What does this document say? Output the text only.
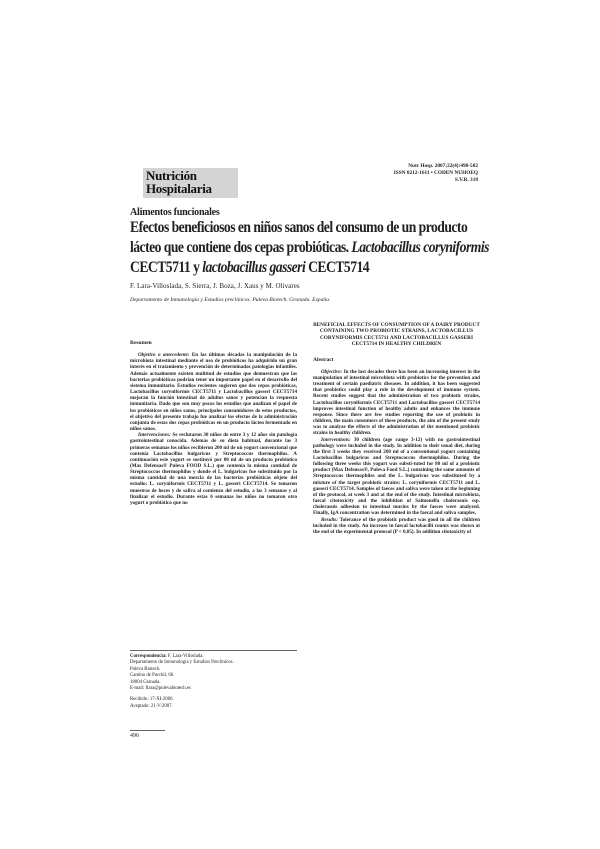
Nutrición
Hospitalaria
Nutr Hosp. 2007;22(4):498-502
ISSN 0212-1611 • CODEN NUHOEQ
S.V.R. 318
Alimentos funcionales
Efectos beneficiosos en niños sanos del consumo de un producto lácteo que contiene dos cepas probióticas. Lactobacillus coryniformis CECT5711 y lactobacillus gasseri CECT5714
F. Lara-Villoslada, S. Sierra, J. Boza, J. Xaus y M. Olivares
Departamento de Inmunología y Estudios preclínicos. Puleva Biotech. Granada. España.
Resumen

Objetivo o antecedente: En las últimas décadas la manipulación de la microbiota intestinal mediante el uso de probióticos ha adquirido un gran interés en el tratamiento y prevención de determinadas patologías infantiles. Además actualmente existen multitud de estudios que demuestran que las bacterias probióticas podrían tener un importante papel en el desarrollo del sistema inmunitario. Estudios recientes sugieren que dos cepas probióticas, Lactobacillus coryniformis CECT5711 y Lactobacillus gasseri CECT5714 mejoran la función intestinal de adultos sanos y potencian la respuesta inmunitaria. Dado que son muy pocos los estudios que analizan el papel de los probióticos en niños sanos, principales consumidores de estos productos, el objetivo del presente trabajo fue analizar los efectos de la administración conjunta de estas dos cepas probióticas en un producto lácteo fermentado en niños sanos.

Intervenciones: Se reclutaron 30 niños de entre 3 y 12 años sin patología gastrointestinal conocida. Además de su dieta habitual, durante las 3 primeras semanas los niños recibieron 200 ml de un yogurt convencional que contenía Lactobacillus bulgaricus y Streptococcus thermophilus. A continuación este yogurt se sustituyó por 80 ml de un producto probiótico (Max Defensas® Puleva FOOD S.L.) que contenía la misma cantidad de Streptococcus thermophilus y donde el L. bulgaricus fue substituido por la misma cantidad de una mezcla de las bacterias probióticas objeto del estudio: L. coryniformis CECT5711 y L. gasseri CECT5714. Se tomaron muestras de heces y de saliva al comienzo del estudio, a las 3 semanas y al finalizar el estudio. Durante estas 6 semanas los niños no tomaron otro yogurt o probiótico que no

BENEFICIAL EFFECTS OF CONSUMPTION OF A DAIRY PRODUCT CONTAINING TWO PROBIOTIC STRAINS, LACTOBACILLUS CORYNIFORMIS CECT5711 AND LACTOBACILLUS GASSERI CECT5714 IN HEALTHY CHILDREN
Abstract

Objective: In the last decades there has been an increasing interest in the manipulation of intestinal microbiota with probiotics for the prevention and treatment of certain paediatric diseases. In addition, it has been suggested that probiotics could play a role in the development of immune system. Recent studies suggest that the administration of two probiotic strains, Lactobacillus coryniformis CECT5711 and Lactobacillus gasseri CECT5714 improves intestinal function of healthy adults and enhances the immune response. Since there are few studies reporting the use of probiotic in children, the main consumers of these products, the aim of the present study was to analyze the effects of the administration of the mentioned probiotic strains in healthy children.

Interventions: 30 children (age range 3-12) with no gastrointestinal pathology were included in the study. In addition to their usual diet, during the first 3 weeks they received 200 ml of a conventional yogurt containing Lactobacillus bulgaricus and Streptococcus thermophilus. During the following three weeks this yogurt was substi-tuted for 80 ml of a probiotic product (Max Defensas®, Puleva Food S.L.) containing the same amounts of Streptococcus thermophiles and the L. bulgaricus was substituted by a mixture of the target probiotic strains: L. coryniformis CECT5711 and L. gasseri CECT5714. Samples of faeces and saliva were taken at the beginning of the protocol, at week 3 and at the end of the study. Intestinal microbiota, faecal citotoxicity and the inhibition of Salmonella cholerasuis ssp. cholerasuis adhesion to intestinal mucins by the faeces were analyzed. Finally, IgA concentration was determined in the faecal and saliva samples.

Results: Tolerance of the probiotic product was good in all the children included in the study. An increase in faecal lactobacilli counts was shown at the end of the experimental protocol (P < 0,05). In addition citotoxicity of

Correspondencia: F. Lara-Villoslada.
Departamento de Inmunología y Estudios Preclínicos.
Puleva Biotech.
Camino de Purchil, 66.
18004 Granada.
E-mail: flara@pulevabiotech.es
Recibido: 17-XI-2006.
Aceptado: 21-V-2007.
496
